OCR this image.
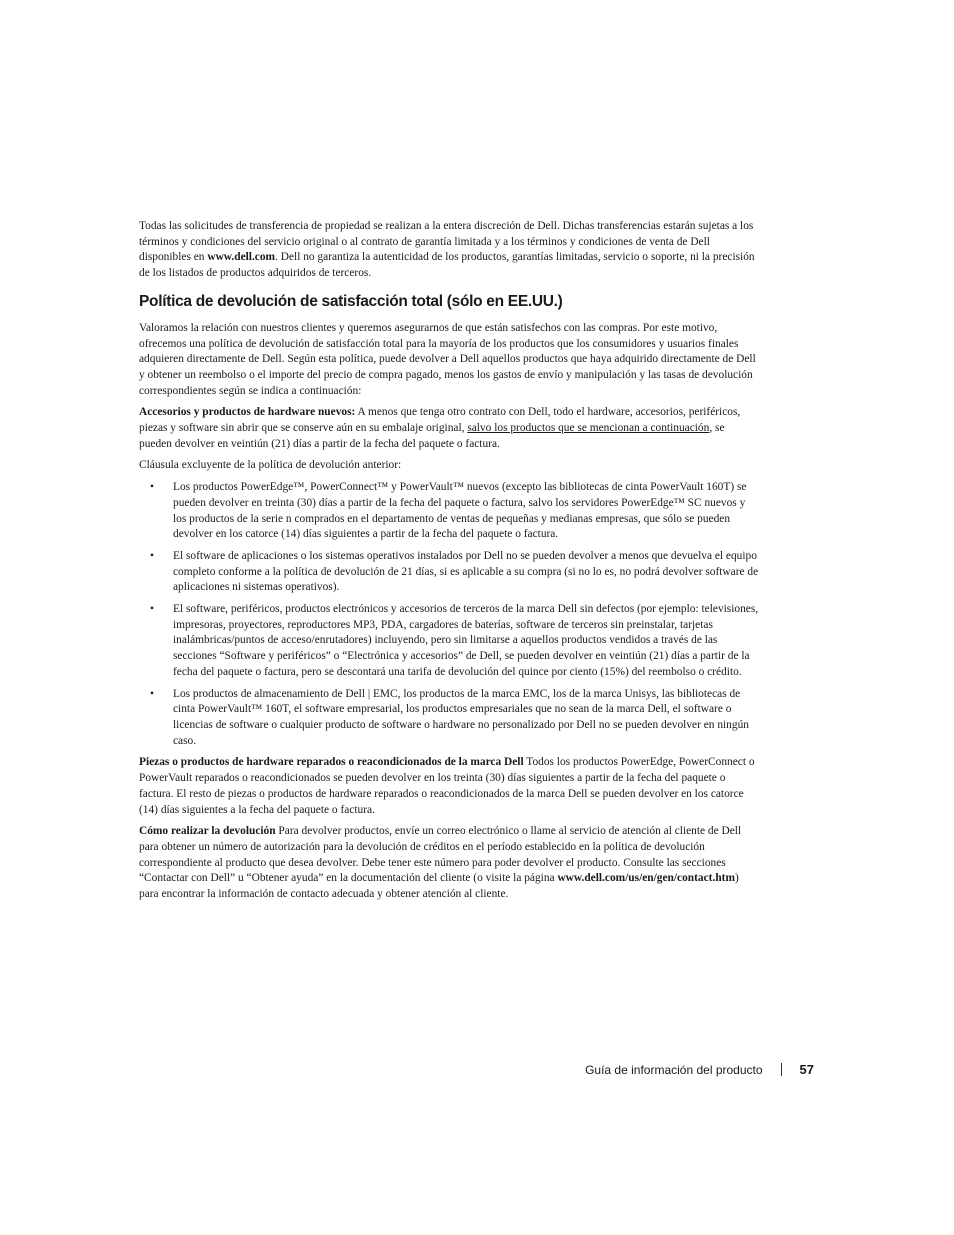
Todas las solicitudes de transferencia de propiedad se realizan a la entera discreción de Dell. Dichas transferencias estarán sujetas a los términos y condiciones del servicio original o al contrato de garantía limitada y a los términos y condiciones de venta de Dell disponibles en www.dell.com. Dell no garantiza la autenticidad de los productos, garantías limitadas, servicio o soporte, ni la precisión de los listados de productos adquiridos de terceros.

Política de devolución de satisfacción total (sólo en EE.UU.)

Valoramos la relación con nuestros clientes y queremos asegurarnos de que están satisfechos con las compras. Por este motivo, ofrecemos una política de devolución de satisfacción total para la mayoría de los productos que los consumidores y usuarios finales adquieren directamente de Dell. Según esta política, puede devolver a Dell aquellos productos que haya adquirido directamente de Dell y obtener un reembolso o el importe del precio de compra pagado, menos los gastos de envío y manipulación y las tasas de devolución correspondientes según se indica a continuación:

Accesorios y productos de hardware nuevos: A menos que tenga otro contrato con Dell, todo el hardware, accesorios, periféricos, piezas y software sin abrir que se conserve aún en su embalaje original, salvo los productos que se mencionan a continuación, se pueden devolver en veintiún (21) días a partir de la fecha del paquete o factura.

Cláusula excluyente de la política de devolución anterior:

• Los productos PowerEdge™, PowerConnect™ y PowerVault™ nuevos (excepto las bibliotecas de cinta PowerVault 160T) se pueden devolver en treinta (30) días a partir de la fecha del paquete o factura, salvo los servidores PowerEdge™ SC nuevos y los productos de la serie n comprados en el departamento de ventas de pequeñas y medianas empresas, que sólo se pueden devolver en los catorce (14) días siguientes a partir de la fecha del paquete o factura.
• El software de aplicaciones o los sistemas operativos instalados por Dell no se pueden devolver a menos que devuelva el equipo completo conforme a la política de devolución de 21 días, si es aplicable a su compra (si no lo es, no podrá devolver software de aplicaciones ni sistemas operativos).
• El software, periféricos, productos electrónicos y accesorios de terceros de la marca Dell sin defectos (por ejemplo: televisiones, impresoras, proyectores, reproductores MP3, PDA, cargadores de baterías, software de terceros sin preinstalar, tarjetas inalámbricas/puntos de acceso/enrutadores) incluyendo, pero sin limitarse a aquellos productos vendidos a través de las secciones “Software y periféricos” o “Electrónica y accesorios” de Dell, se pueden devolver en veintiún (21) días a partir de la fecha del paquete o factura, pero se descontará una tarifa de devolución del quince por ciento (15%) del reembolso o crédito.
• Los productos de almacenamiento de Dell | EMC, los productos de la marca EMC, los de la marca Unisys, las bibliotecas de cinta PowerVault™ 160T, el software empresarial, los productos empresariales que no sean de la marca Dell, el software o licencias de software o cualquier producto de software o hardware no personalizado por Dell no se pueden devolver en ningún caso.

Piezas o productos de hardware reparados o reacondicionados de la marca Dell Todos los productos PowerEdge, PowerConnect o PowerVault reparados o reacondicionados se pueden devolver en los treinta (30) días siguientes a partir de la fecha del paquete o factura. El resto de piezas o productos de hardware reparados o reacondicionados de la marca Dell se pueden devolver en los catorce (14) días siguientes a la fecha del paquete o factura.

Cómo realizar la devolución Para devolver productos, envíe un correo electrónico o llame al servicio de atención al cliente de Dell para obtener un número de autorización para la devolución de créditos en el período establecido en la política de devolución correspondiente al producto que desea devolver. Debe tener este número para poder devolver el producto. Consulte las secciones “Contactar con Dell” u “Obtener ayuda” en la documentación del cliente (o visite la página www.dell.com/us/en/gen/contact.htm) para encontrar la información de contacto adecuada y obtener atención al cliente.

Guía de información del producto	57
